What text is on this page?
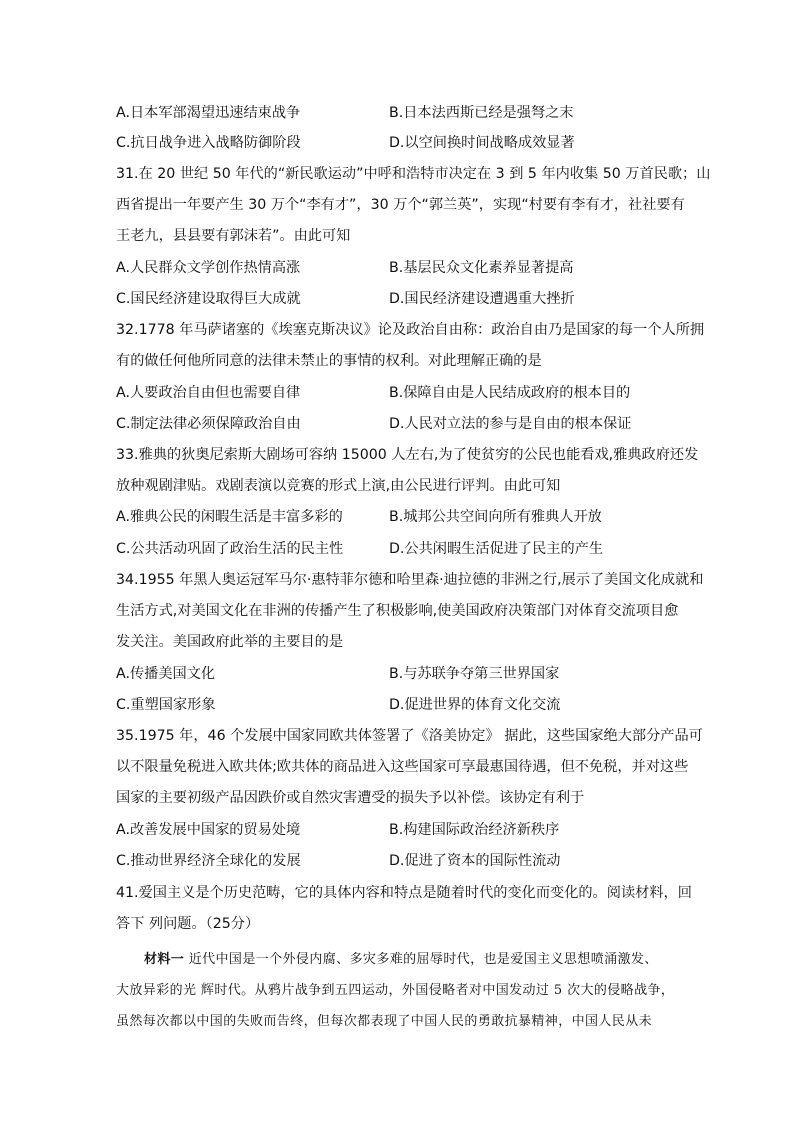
A.日本军部渴望迅速结束战争	B.日本法西斯已经是强弩之末
C.抗日战争进入战略防御阶段	D.以空间换时间战略成效显著
31.在 20 世纪 50 年代的“新民歌运动”中呼和浩特市决定在 3 到 5 年内收集 50 万首民歌；山
西省提出一年要产生 30 万个“李有才”，30 万个“郭兰英”，实现“村要有李有才，社社要有
王老九，县县要有郭沫若”。由此可知
A.人民群众文学创作热情高涨	B.基层民众文化素养显著提高
C.国民经济建设取得巨大成就	D.国民经济建设遭遇重大挫折
32.1778 年马萨诸塞的《埃塞克斯决议》论及政治自由称：政治自由乃是国家的每一个人所拥
有的做任何他所同意的法律未禁止的事情的权利。对此理解正确的是
A.人要政治自由但也需要自律	B.保障自由是人民结成政府的根本目的
C.制定法律必须保障政治自由	D.人民对立法的参与是自由的根本保证
33.雅典的狄奥尼索斯大剧场可容纳 15000 人左右,为了使贫穷的公民也能看戏,雅典政府还发
放种观剧津贴。戏剧表演以竞赛的形式上演,由公民进行评判。由此可知
A.雅典公民的闲暇生活是丰富多彩的	B.城邦公共空间向所有雅典人开放
C.公共活动巩固了政治生活的民主性	D.公共闲暇生活促进了民主的产生
34.1955 年黑人奥运冠军马尔·惠特菲尔德和哈里森·迪拉德的非洲之行,展示了美国文化成就和
生活方式,对美国文化在非洲的传播产生了积极影响,使美国政府决策部门对体育交流项目愈
发关注。美国政府此举的主要目的是
A.传播美国文化	B.与苏联争夺第三世界国家
C.重塑国家形象	D.促进世界的体育文化交流
35.1975 年，46 个发展中国家同欧共体签署了《洛美协定》 据此，这些国家绝大部分产品可
以不限量免税进入欧共体;欧共体的商品进入这些国家可享最惠国待遇，但不免税，并对这些
国家的主要初级产品因跌价或自然灾害遭受的损失予以补偿。该协定有利于
A.改善发展中国家的贸易处境	B.构建国际政治经济新秩序
C.推动世界经济全球化的发展	D.促进了资本的国际性流动
41.爱国主义是个历史范畴，它的具体内容和特点是随着时代的变化而变化的。阅读材料，回
答下 列问题。（25分）
材料一 近代中国是一个外侵内腐、多灾多难的屈辱时代，也是爱国主义思想喷涌激发、
大放异彩的光 辉时代。从鸦片战争到五四运动，外国侵略者对中国发动过 5 次大的侵略战争，
虽然每次都以中国的失败而告终，但每次都表现了中国人民的勇敢抗暴精神，中国人民从未
